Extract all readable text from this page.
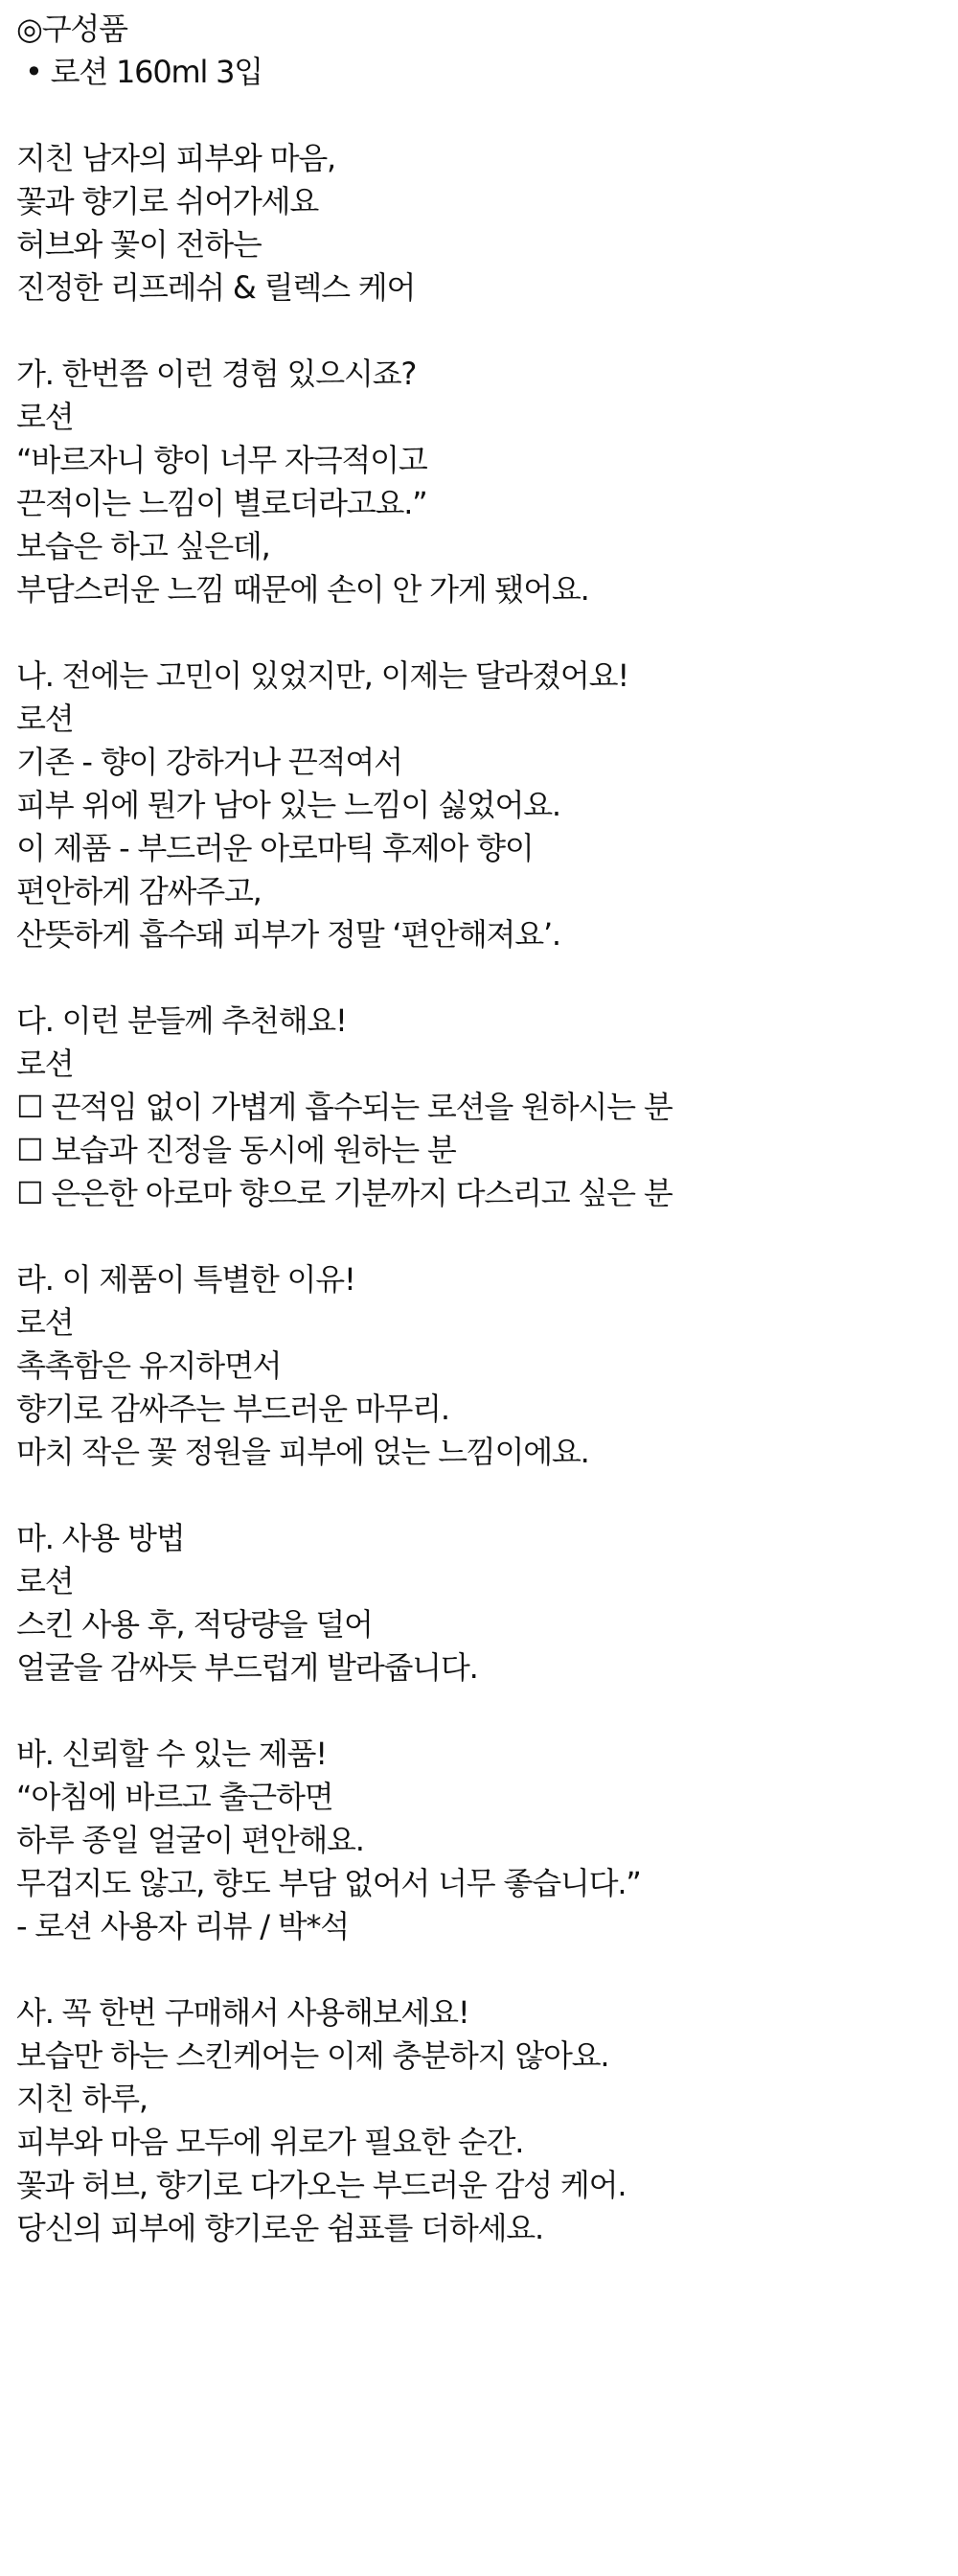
◎구성품
• 로션 160ml 3입
지친 남자의 피부와 마음,
꽃과 향기로 쉬어가세요
허브와 꽃이 전하는
진정한 리프레쉬 & 릴렉스 케어
가. 한번쯤 이런 경험 있으시죠?
로션
“바르자니 향이 너무 자극적이고
끈적이는 느낌이 별로더라고요.”
보습은 하고 싶은데,
부담스러운 느낌 때문에 손이 안 가게 됐어요.
나. 전에는 고민이 있었지만, 이제는 달라졌어요!
로션
기존 - 향이 강하거나 끈적여서
피부 위에 뭔가 남아 있는 느낌이 싫었어요.
이 제품 - 부드러운 아로마틱 후제아 향이
편안하게 감싸주고,
산뜻하게 흡수돼 피부가 정말 ‘편안해져요’.
다. 이런 분들께 추천해요!
로션
☐ 끈적임 없이 가볍게 흡수되는 로션을 원하시는 분
☐ 보습과 진정을 동시에 원하는 분
☐ 은은한 아로마 향으로 기분까지 다스리고 싶은 분
라. 이 제품이 특별한 이유!
로션
촉촉함은 유지하면서
향기로 감싸주는 부드러운 마무리.
마치 작은 꽃 정원을 피부에 얹는 느낌이에요.
마. 사용 방법
로션
스킨 사용 후, 적당량을 덜어
얼굴을 감싸듯 부드럽게 발라줍니다.
바. 신뢰할 수 있는 제품!
“아침에 바르고 출근하면
하루 종일 얼굴이 편안해요.
무겁지도 않고, 향도 부담 없어서 너무 좋습니다.”
- 로션 사용자 리뷰 / 박*석
사. 꼭 한번 구매해서 사용해보세요!
보습만 하는 스킨케어는 이제 충분하지 않아요.
지친 하루,
피부와 마음 모두에 위로가 필요한 순간.
꽃과 허브, 향기로 다가오는 부드러운 감성 케어.
당신의 피부에 향기로운 쉼표를 더하세요.
